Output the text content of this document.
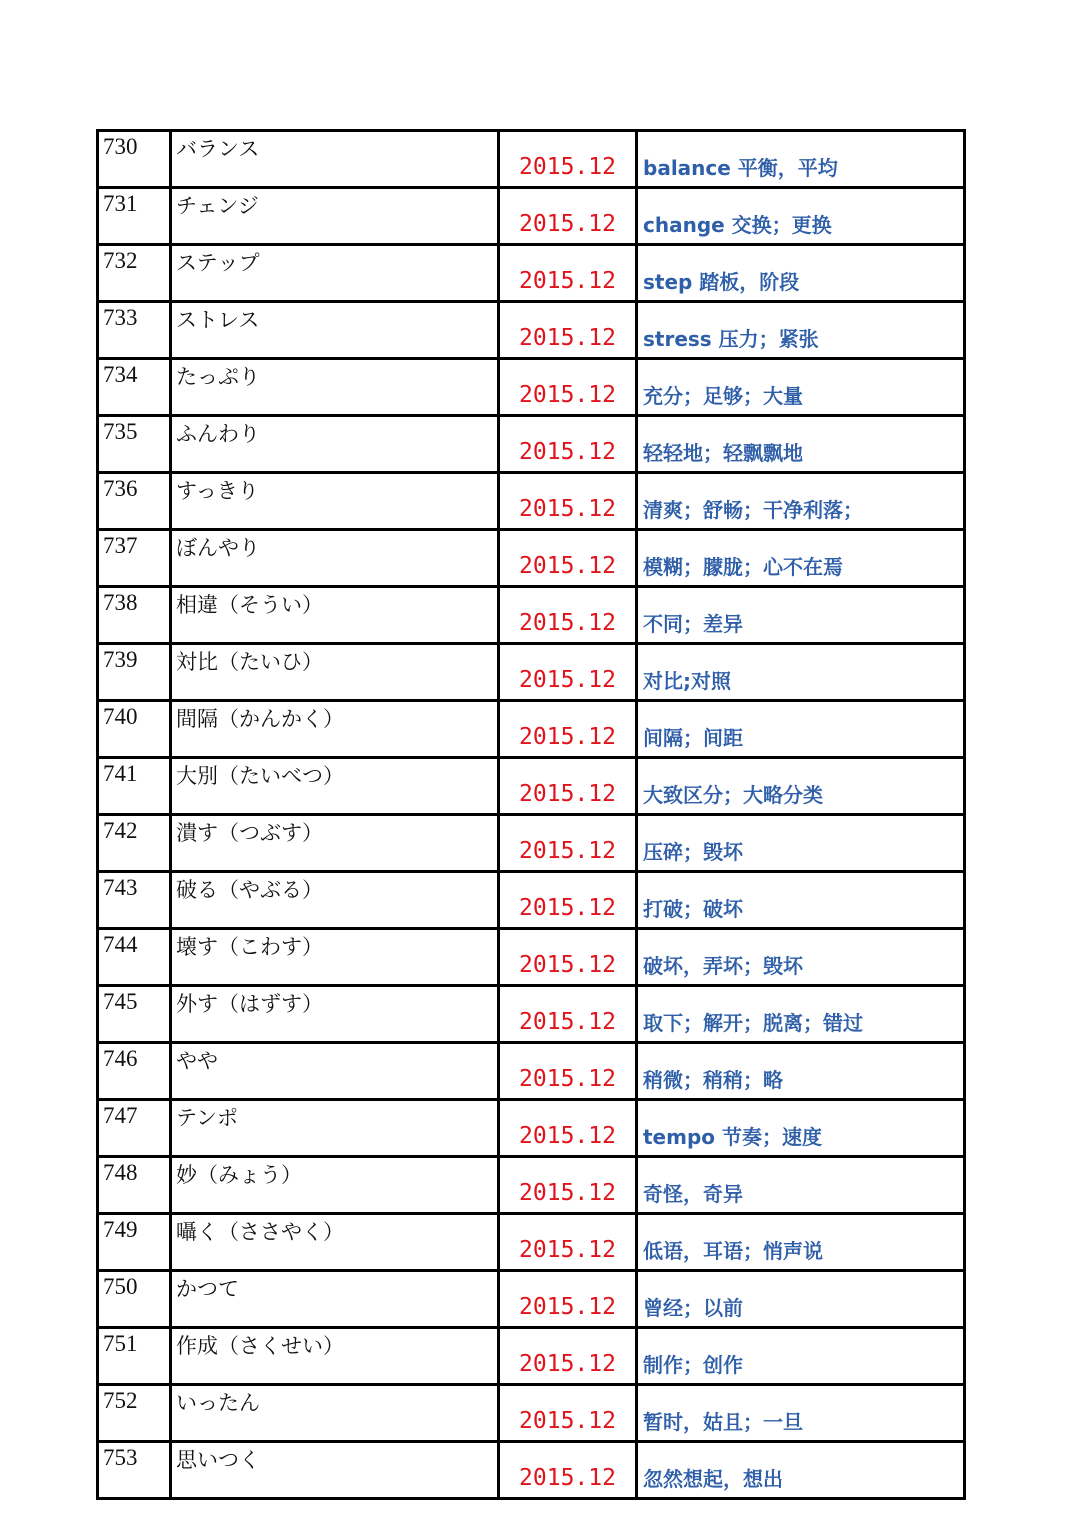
730	バランス	2015.12	balance 平衡，平均
731	チェンジ	2015.12	change 交换；更换
732	ステップ	2015.12	step 踏板，阶段
733	ストレス	2015.12	stress 压力；紧张
734	たっぷり	2015.12	充分；足够；大量
735	ふんわり	2015.12	轻轻地；轻飘飘地
736	すっきり	2015.12	清爽；舒畅；干净利落；
737	ぼんやり	2015.12	模糊；朦胧；心不在焉
738	相違（そうい）	2015.12	不同；差异
739	対比（たいひ）	2015.12	对比;对照
740	間隔（かんかく）	2015.12	间隔；间距
741	大別（たいべつ）	2015.12	大致区分；大略分类
742	潰す（つぶす）	2015.12	压碎；毁坏
743	破る（やぶる）	2015.12	打破；破坏
744	壊す（こわす）	2015.12	破坏，弄坏；毁坏
745	外す（はずす）	2015.12	取下；解开；脱离；错过
746	やや	2015.12	稍微；稍稍；略
747	テンポ	2015.12	tempo 节奏；速度
748	妙（みょう）	2015.12	奇怪，奇异
749	囁く（ささやく）	2015.12	低语，耳语；悄声说
750	かつて	2015.12	曾经；以前
751	作成（さくせい）	2015.12	制作；创作
752	いったん	2015.12	暂时，姑且；一旦
753	思いつく	2015.12	忽然想起，想出
